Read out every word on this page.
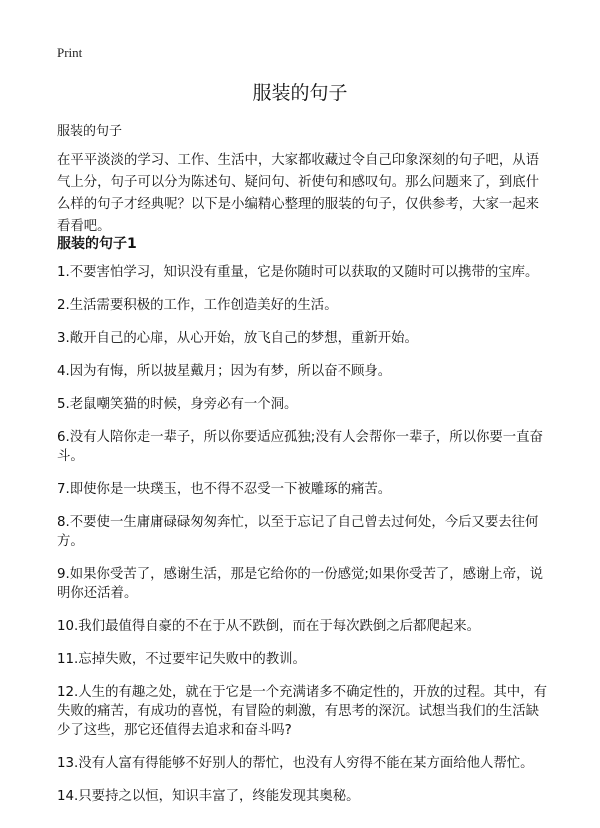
Print
服装的句子

服装的句子

在平平淡淡的学习、工作、生活中，大家都收藏过令自己印象深刻的句子吧，从语气上分，句子可以分为陈述句、疑问句、祈使句和感叹句。那么问题来了，到底什么样的句子才经典呢？以下是小编精心整理的服装的句子，仅供参考，大家一起来看看吧。

服装的句子1
1.不要害怕学习，知识没有重量，它是你随时可以获取的又随时可以携带的宝库。
2.生活需要积极的工作，工作创造美好的生活。
3.敞开自己的心扉，从心开始，放飞自己的梦想，重新开始。
4.因为有悔，所以披星戴月；因为有梦，所以奋不顾身。
5.老鼠嘲笑猫的时候，身旁必有一个洞。
6.没有人陪你走一辈子，所以你要适应孤独;没有人会帮你一辈子，所以你要一直奋斗。
7.即使你是一块璞玉，也不得不忍受一下被雕琢的痛苦。
8.不要使一生庸庸碌碌匆匆奔忙，以至于忘记了自己曾去过何处，今后又要去往何方。
9.如果你受苦了，感谢生活，那是它给你的一份感觉;如果你受苦了，感谢上帝，说明你还活着。
10.我们最值得自豪的不在于从不跌倒，而在于每次跌倒之后都爬起来。
11.忘掉失败，不过要牢记失败中的教训。
12.人生的有趣之处，就在于它是一个充满诸多不确定性的，开放的过程。其中，有失败的痛苦，有成功的喜悦，有冒险的刺激，有思考的深沉。试想当我们的生活缺少了这些，那它还值得去追求和奋斗吗?
13.没有人富有得能够不好别人的帮忙，也没有人穷得不能在某方面给他人帮忙。
14.只要持之以恒，知识丰富了，终能发现其奥秘。
